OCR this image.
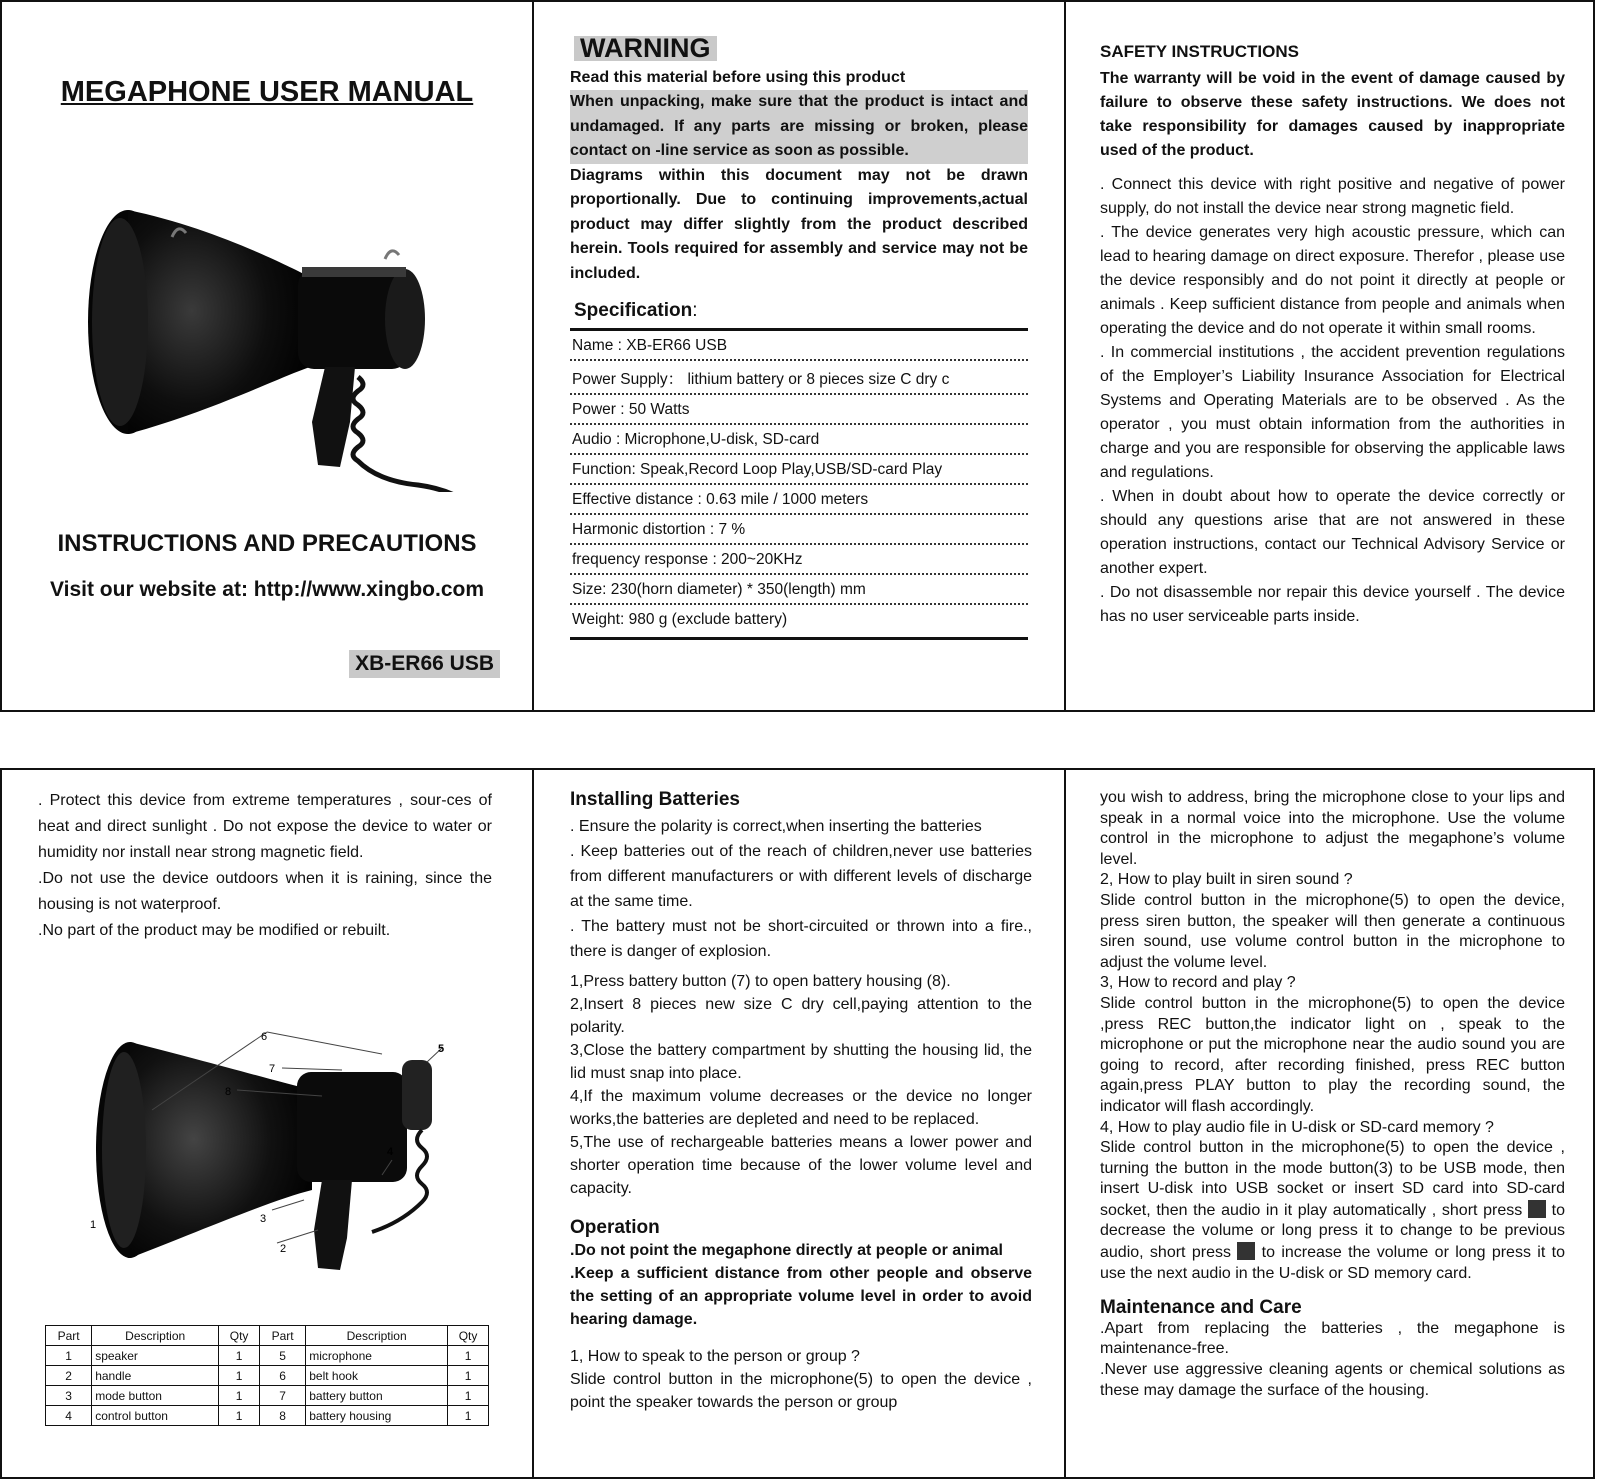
MEGAPHONE USER MANUAL
INSTRUCTIONS AND PRECAUTIONS
Visit our website at: http://www.xingbo.com
XB-ER66 USB
WARNING

Read this material before using this product

When unpacking, make sure that the product is intact and undamaged. If any parts are missing or broken, please contact on -line service as soon as possible.

Diagrams within this document may not be drawn proportionally. Due to continuing improvements,actual product may differ slightly from the product described herein. Tools required for assembly and service may not be included.

Specification:
Name : XB-ER66 USB
Power Supply： lithium battery or 8 pieces size C dry c
Power : 50 Watts
Audio : Microphone,U-disk, SD-card
Function: Speak,Record Loop Play,USB/SD-card Play
Effective distance : 0.63 mile / 1000 meters
Harmonic distortion : 7 %
frequency response : 200~20KHz
Size: 230(horn diameter) * 350(length) mm
Weight: 980 g (exclude battery)

SAFETY INSTRUCTIONS

The warranty will be void in the event of damage caused by failure to observe these safety instructions. We does not take responsibility for damages caused by inappropriate used of the product.

. Connect this device with right positive and negative of power supply, do not install the device near strong magnetic field.

. The device generates very high acoustic pressure, which can lead to hearing damage on direct exposure. Therefor , please use the device responsibly and do not point it directly at people or animals . Keep sufficient distance from people and animals when operating the device and do not operate it within small rooms.

. In commercial institutions , the accident prevention regulations of the Employer’s Liability Insurance Association for Electrical Systems and Operating Materials are to be observed . As the operator , you must obtain information from the authorities in charge and you are responsible for observing the applicable laws and regulations.

. When in doubt about how to operate the device correctly or should any questions arise that are not answered in these operation instructions, contact our Technical Advisory Service or another expert.

. Do not disassemble nor repair this device yourself . The device has no user serviceable parts inside.

. Protect this device from extreme temperatures , sour-ces of heat and direct sunlight . Do not expose the device to water or humidity nor install near strong magnetic field.

.Do not use the device outdoors when it is raining, since the housing is not waterproof.

.No part of the product may be modified or rebuilt.

6
7
8
5
4
3
2
1
Part	Description	Qty	Part	Description	Qty
1	speaker	1	5	microphone	1
2	handle	1	6	belt hook	1
3	mode button	1	7	battery button	1
4	control button	1	8	battery housing	1

Installing Batteries

. Ensure the polarity is correct,when inserting the batteries

. Keep batteries out of the reach of children,never use batteries from different manufacturers or with different levels of discharge at the same time.

. The battery must not be short-circuited or thrown into a fire., there is danger of explosion.

1,Press battery button (7) to open battery housing (8).

2,Insert 8 pieces new size C dry cell,paying attention to the polarity.

3,Close the battery compartment by shutting the housing lid, the lid must snap into place.

4,If the maximum volume decreases or the device no longer works,the batteries are depleted and need to be replaced.

5,The use of rechargeable batteries means a lower power and shorter operation time because of the lower volume level and capacity.

Operation

.Do not point the megaphone directly at people or animal

.Keep a sufficient distance from other people and observe the setting of an appropriate volume level in order to avoid hearing damage.

1, How to speak to the person or group ?

Slide control button in the microphone(5) to open the device , point the speaker towards the person or group

you wish to address, bring the microphone close to your lips and speak in a normal voice into the microphone. Use the volume control in the microphone to adjust the megaphone’s volume level.

2, How to play built in siren sound ?

Slide control button in the microphone(5) to open the device, press siren button, the speaker will then generate a continuous siren sound, use volume control button in the microphone to adjust the volume level.

3, How to record and play ?

Slide control button in the microphone(5) to open the device ,press REC button,the indicator light on , speak to the microphone or put the microphone near the audio sound you are going to record, after recording finished, press REC button again,press PLAY button to play the recording sound, the indicator will flash accordingly.

4, How to play audio file in U-disk or SD-card memory ?

Slide control button in the microphone(5) to open the device , turning the button in the mode button(3) to be USB mode, then insert U-disk into USB socket or insert SD card into SD-card socket, then the audio in it play automatically , short press to decrease the volume or long press it to change to be previous audio, short press to increase the volume or long press it to use the next audio in the U-disk or SD memory card.

Maintenance and Care

.Apart from replacing the batteries , the megaphone is maintenance-free.

.Never use aggressive cleaning agents or chemical solutions as these may damage the surface of the housing.
